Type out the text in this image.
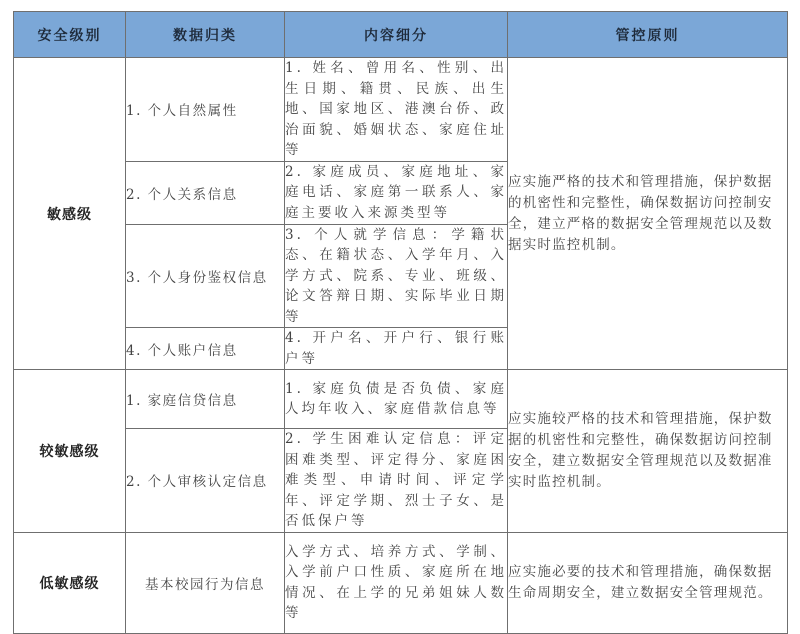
安全级别	数据归类	内容细分	管控原则
敏感级	1. 个人自然属性	1. 姓名、曾用名、性别、出生日期、籍贯、民族、出生地、国家地区、港澳台侨、政治面貌、婚姻状态、家庭住址等	应实施严格的技术和管理措施，保护数据的机密性和完整性，确保数据访问控制安全，建立严格的数据安全管理规范以及数据实时监控机制。
	2. 个人关系信息	2. 家庭成员、家庭地址、家庭电话、家庭第一联系人、家庭主要收入来源类型等	
	3. 个人身份鉴权信息	3. 个人就学信息：学籍状态、在籍状态、入学年月、入学方式、院系、专业、班级、论文答辩日期、实际毕业日期等	
	4. 个人账户信息	4. 开户名、开户行、银行账户等	
较敏感级	1. 家庭信贷信息	1. 家庭负债是否负债、家庭人均年收入、家庭借款信息等	应实施较严格的技术和管理措施，保护数据的机密性和完整性，确保数据访问控制安全，建立数据安全管理规范以及数据准实时监控机制。
	2. 个人审核认定信息	2. 学生困难认定信息：评定困难类型、评定得分、家庭困难类型、申请时间、评定学年、评定学期、烈士子女、是否低保户等	
低敏感级	基本校园行为信息	入学方式、培养方式、学制、入学前户口性质、家庭所在地情况、在上学的兄弟姐妹人数等	应实施必要的技术和管理措施，确保数据生命周期安全，建立数据安全管理规范。
